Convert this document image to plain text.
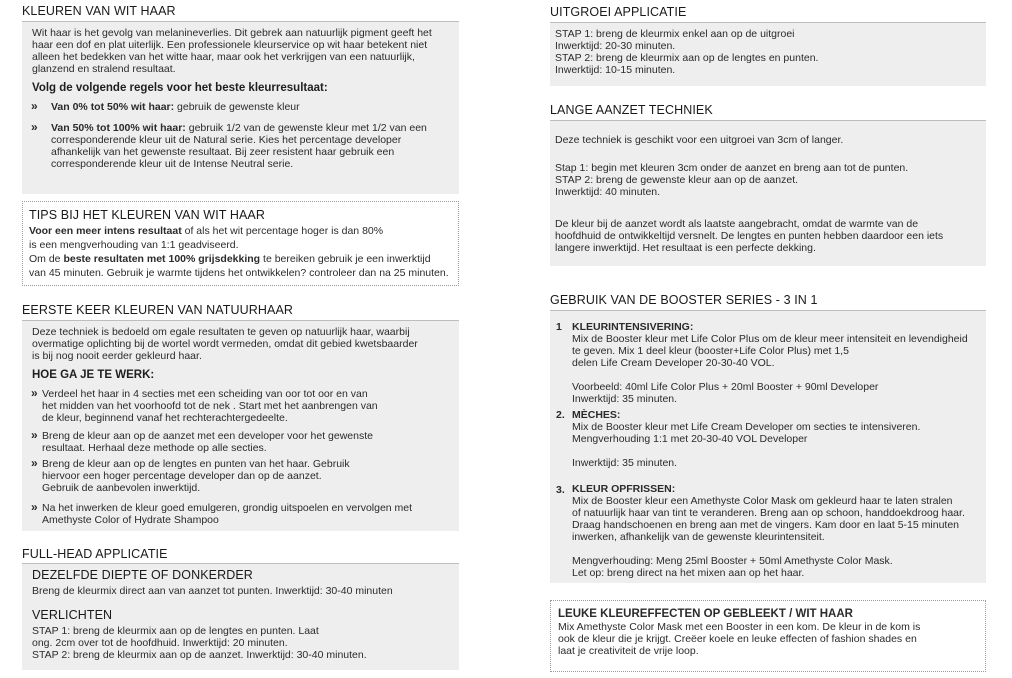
KLEUREN VAN WIT HAAR
Wit haar is het gevolg van melanineverlies. Dit gebrek aan natuurlijk pigment geeft het
haar een dof en plat uiterlijk. Een professionele kleurservice op wit haar betekent niet
alleen het bedekken van het witte haar, maar ook het verkrijgen van een natuurlijk,
glanzend en stralend resultaat.
Volg de volgende regels voor het beste kleurresultaat:
» Van 0% tot 50% wit haar: gebruik de gewenste kleur
» Van 50% tot 100% wit haar: gebruik 1/2 van de gewenste kleur met 1/2 van een
corresponderende kleur uit de Natural serie. Kies het percentage developer
afhankelijk van het gewenste resultaat. Bij zeer resistent haar gebruik een
corresponderende kleur uit de Intense Neutral serie.
TIPS BIJ HET KLEUREN VAN WIT HAAR
Voor een meer intens resultaat of als het wit percentage hoger is dan 80%
is een mengverhouding van 1:1 geadviseerd.
Om de beste resultaten met 100% grijsdekking te bereiken gebruik je een inwerktijd
van 45 minuten. Gebruik je warmte tijdens het ontwikkelen? controleer dan na 25 minuten.
EERSTE KEER KLEUREN VAN NATUURHAAR
Deze techniek is bedoeld om egale resultaten te geven op natuurlijk haar, waarbij
overmatige oplichting bij de wortel wordt vermeden, omdat dit gebied kwetsbaarder
is bij nog nooit eerder gekleurd haar.
HOE GA JE TE WERK:
» Verdeel het haar in 4 secties met een scheiding van oor tot oor en van
het midden van het voorhoofd tot de nek . Start met het aanbrengen van
de kleur, beginnend vanaf het rechterachtergedeelte.
» Breng de kleur aan op de aanzet met een developer voor het gewenste
resultaat. Herhaal deze methode op alle secties.
» Breng de kleur aan op de lengtes en punten van het haar. Gebruik
hiervoor een hoger percentage developer dan op de aanzet.
Gebruik de aanbevolen inwerktijd.
» Na het inwerken de kleur goed emulgeren, grondig uitspoelen en vervolgen met
Amethyste Color of Hydrate Shampoo
FULL-HEAD APPLICATIE
DEZELFDE DIEPTE OF DONKERDER
Breng de kleurmix direct aan van aanzet tot punten. Inwerktijd: 30-40 minuten
VERLICHTEN
STAP 1: breng de kleurmix aan op de lengtes en punten. Laat
ong. 2cm over tot de hoofdhuid. Inwerktijd: 20 minuten.
STAP 2: breng de kleurmix aan op de aanzet. Inwerktijd: 30-40 minuten.
UITGROEI APPLICATIE
STAP 1: breng de kleurmix enkel aan op de uitgroei
Inwerktijd: 20-30 minuten.
STAP 2: breng de kleurmix aan op de lengtes en punten.
Inwerktijd: 10-15 minuten.
LANGE AANZET TECHNIEK
Deze techniek is geschikt voor een uitgroei van 3cm of langer.
Stap 1: begin met kleuren 3cm onder de aanzet en breng aan tot de punten.
STAP 2: breng de gewenste kleur aan op de aanzet.
Inwerktijd: 40 minuten.
De kleur bij de aanzet wordt als laatste aangebracht, omdat de warmte van de
hoofdhuid de ontwikkeltijd versnelt. De lengtes en punten hebben daardoor een iets
langere inwerktijd. Het resultaat is een perfecte dekking.
GEBRUIK VAN DE BOOSTER SERIES - 3 IN 1
1 KLEURINTENSIVERING:
Mix de Booster kleur met Life Color Plus om de kleur meer intensiteit en levendigheid
te geven. Mix 1 deel kleur (booster+Life Color Plus) met 1,5
delen Life Cream Developer 20-30-40 VOL.
Voorbeeld: 40ml Life Color Plus + 20ml Booster + 90ml Developer
Inwerktijd: 35 minuten.
2. MÈCHES:
Mix de Booster kleur met Life Cream Developer om secties te intensiveren.
Mengverhouding 1:1 met 20-30-40 VOL Developer
Inwerktijd: 35 minuten.
3. KLEUR OPFRISSEN:
Mix de Booster kleur een Amethyste Color Mask om gekleurd haar te laten stralen
of natuurlijk haar van tint te veranderen. Breng aan op schoon, handdoekdroog haar.
Draag handschoenen en breng aan met de vingers. Kam door en laat 5-15 minuten
inwerken, afhankelijk van de gewenste kleurintensiteit.
Mengverhouding: Meng 25ml Booster + 50ml Amethyste Color Mask.
Let op: breng direct na het mixen aan op het haar.
LEUKE KLEUREFFECTEN OP GEBLEEKT / WIT HAAR
Mix Amethyste Color Mask met een Booster in een kom. De kleur in de kom is
ook de kleur die je krijgt. Creëer koele en leuke effecten of fashion shades en
laat je creativiteit de vrije loop.
